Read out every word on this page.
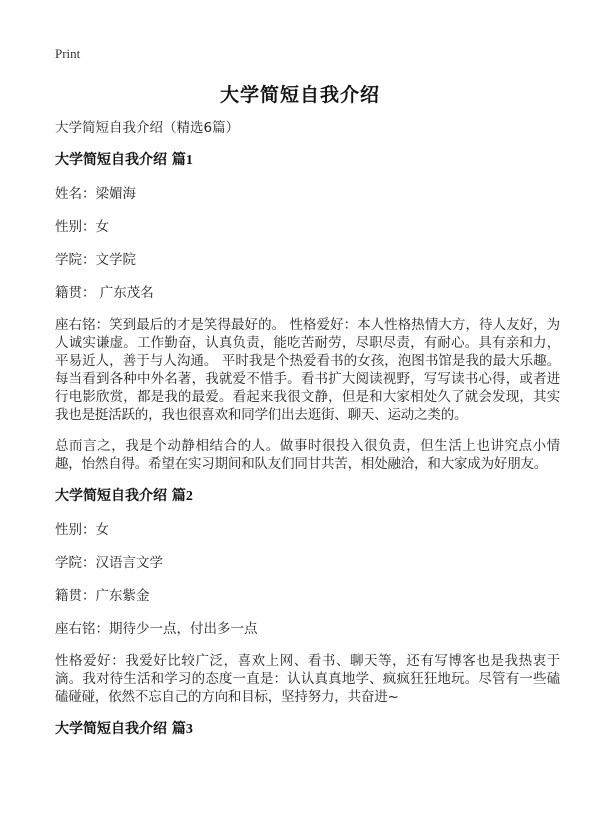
Print
大学简短自我介绍
大学简短自我介绍（精选6篇）
大学简短自我介绍 篇1
姓名：梁媚海
性别：女
学院：文学院
籍贯： 广东茂名
座右铭：笑到最后的才是笑得最好的。 性格爱好：本人性格热情大方，待人友好，为人诚实谦虚。工作勤奋，认真负责，能吃苦耐劳，尽职尽责，有耐心。具有亲和力，平易近人，善于与人沟通。 平时我是个热爱看书的女孩，泡图书馆是我的最大乐趣。每当看到各种中外名著，我就爱不惜手。看书扩大阅读视野，写写读书心得，或者进行电影欣赏，都是我的最爱。看起来我很文静，但是和大家相处久了就会发现，其实我也是挺活跃的，我也很喜欢和同学们出去逛街、聊天、运动之类的。
总而言之，我是个动静相结合的人。做事时很投入很负责，但生活上也讲究点小情趣，怡然自得。希望在实习期间和队友们同甘共苦，相处融洽，和大家成为好朋友。
大学简短自我介绍 篇2
性别：女
学院：汉语言文学
籍贯：广东紫金
座右铭：期待少一点，付出多一点
性格爱好：我爱好比较广泛，喜欢上网、看书、聊天等，还有写博客也是我热衷于滴。我对待生活和学习的态度一直是：认认真真地学、疯疯狂狂地玩。尽管有一些磕磕碰碰，依然不忘自己的方向和目标，坚持努力，共奋进~
大学简短自我介绍 篇3
